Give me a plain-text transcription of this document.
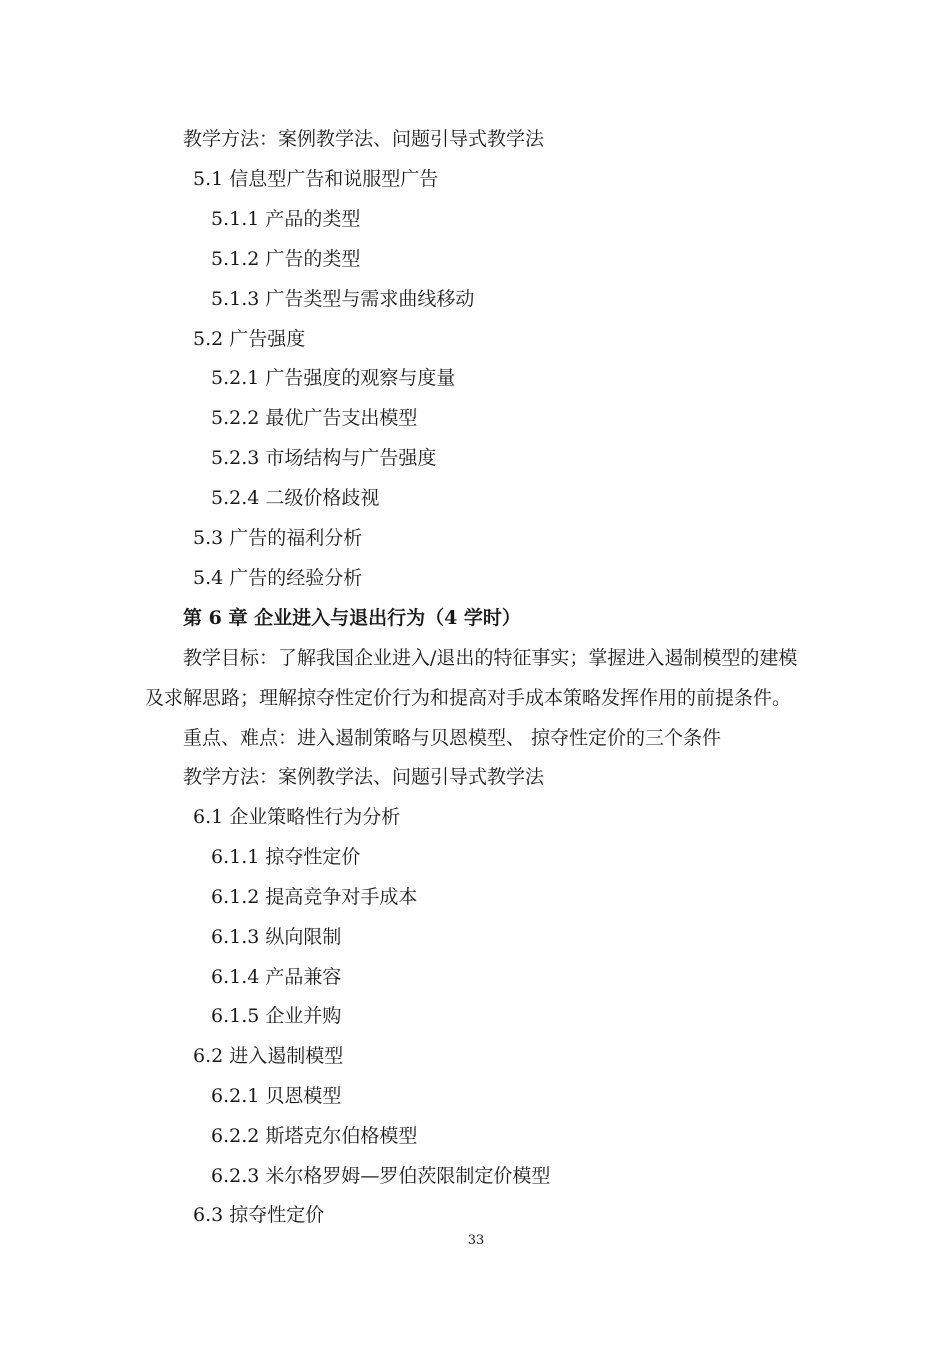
教学方法：案例教学法、问题引导式教学法
5.1 信息型广告和说服型广告
5.1.1 产品的类型
5.1.2 广告的类型
5.1.3 广告类型与需求曲线移动
5.2 广告强度
5.2.1 广告强度的观察与度量
5.2.2 最优广告支出模型
5.2.3 市场结构与广告强度
5.2.4 二级价格歧视
5.3 广告的福利分析
5.4 广告的经验分析
第 6 章 企业进入与退出行为（4 学时）
教学目标：了解我国企业进入/退出的特征事实；掌握进入遏制模型的建模
及求解思路；理解掠夺性定价行为和提高对手成本策略发挥作用的前提条件。
重点、难点：进入遏制策略与贝恩模型、 掠夺性定价的三个条件
教学方法：案例教学法、问题引导式教学法
6.1 企业策略性行为分析
6.1.1 掠夺性定价
6.1.2 提高竞争对手成本
6.1.3 纵向限制
6.1.4 产品兼容
6.1.5 企业并购
6.2 进入遏制模型
6.2.1 贝恩模型
6.2.2 斯塔克尔伯格模型
6.2.3 米尔格罗姆—罗伯茨限制定价模型
6.3 掠夺性定价
33
